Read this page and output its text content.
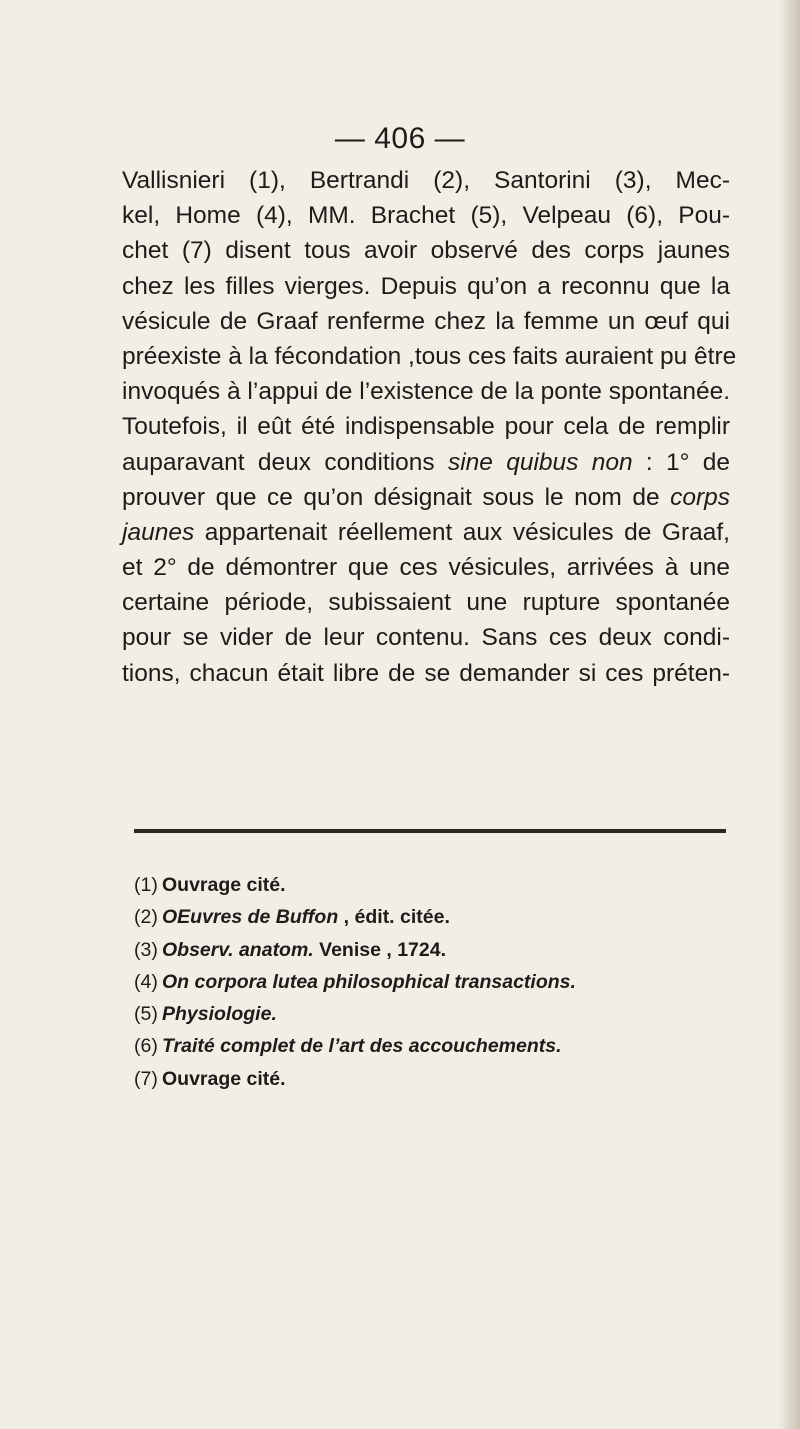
— 406 —
Vallisnieri (1), Bertrandi (2), Santorini (3), Mec-
kel, Home (4), MM. Brachet (5), Velpeau (6), Pou-
chet (7) disent tous avoir observé des corps jaunes
chez les filles vierges. Depuis qu’on a reconnu que la
vésicule de Graaf renferme chez la femme un œuf qui
préexiste à la fécondation ,tous ces faits auraient pu être
invoqués à l’appui de l’existence de la ponte spontanée.
Toutefois, il eût été indispensable pour cela de remplir
auparavant deux conditions sine quibus non : 1° de
prouver que ce qu’on désignait sous le nom de corps
jaunes appartenait réellement aux vésicules de Graaf,
et 2° de démontrer que ces vésicules, arrivées à une
certaine période, subissaient une rupture spontanée
pour se vider de leur contenu. Sans ces deux condi-
tions, chacun était libre de se demander si ces préten-
(1) Ouvrage cité.
(2) OEuvres de Buffon , édit. citée.
(3) Observ. anatom. Venise , 1724.
(4) On corpora lutea philosophical transactions.
(5) Physiologie.
(6) Traité complet de l’art des accouchements.
(7) Ouvrage cité.
